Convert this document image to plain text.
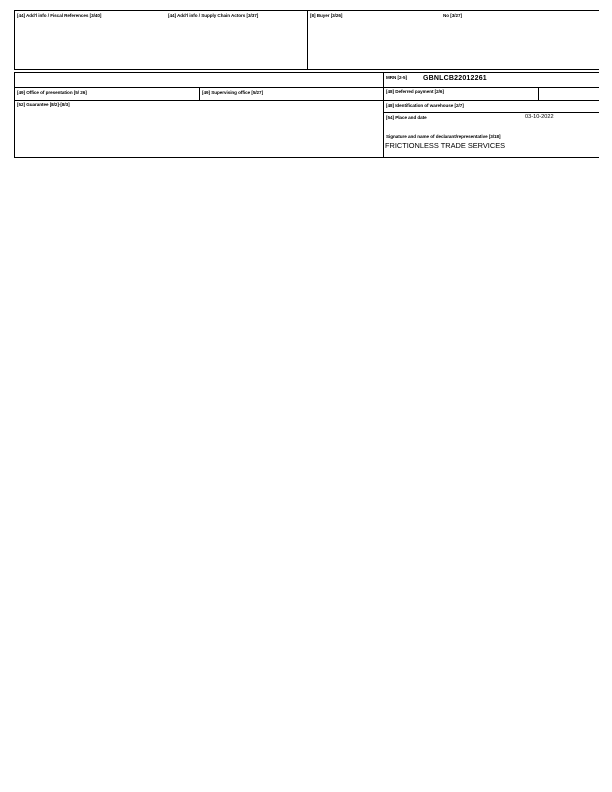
[44] Add'l info / Fiscal References [3/40]	[44] Add'l info / Supply Chain Actors [3/37]	[8] Buyer [3/26]	No [3/27]
MRN [2-5] GBNLCB22012261
[49] Office of presentation [5/ 26]	[49] Supervising office [5/27]	[48] Deferred payment [2/6]
[52] Guarantee [8/2]-[8/3]	[48] Identification of warehouse [2/7]
[54] Place and date	03-10-2022
Signature and name of declarant/representative [3/18]
FRICTIONLESS TRADE SERVICES
